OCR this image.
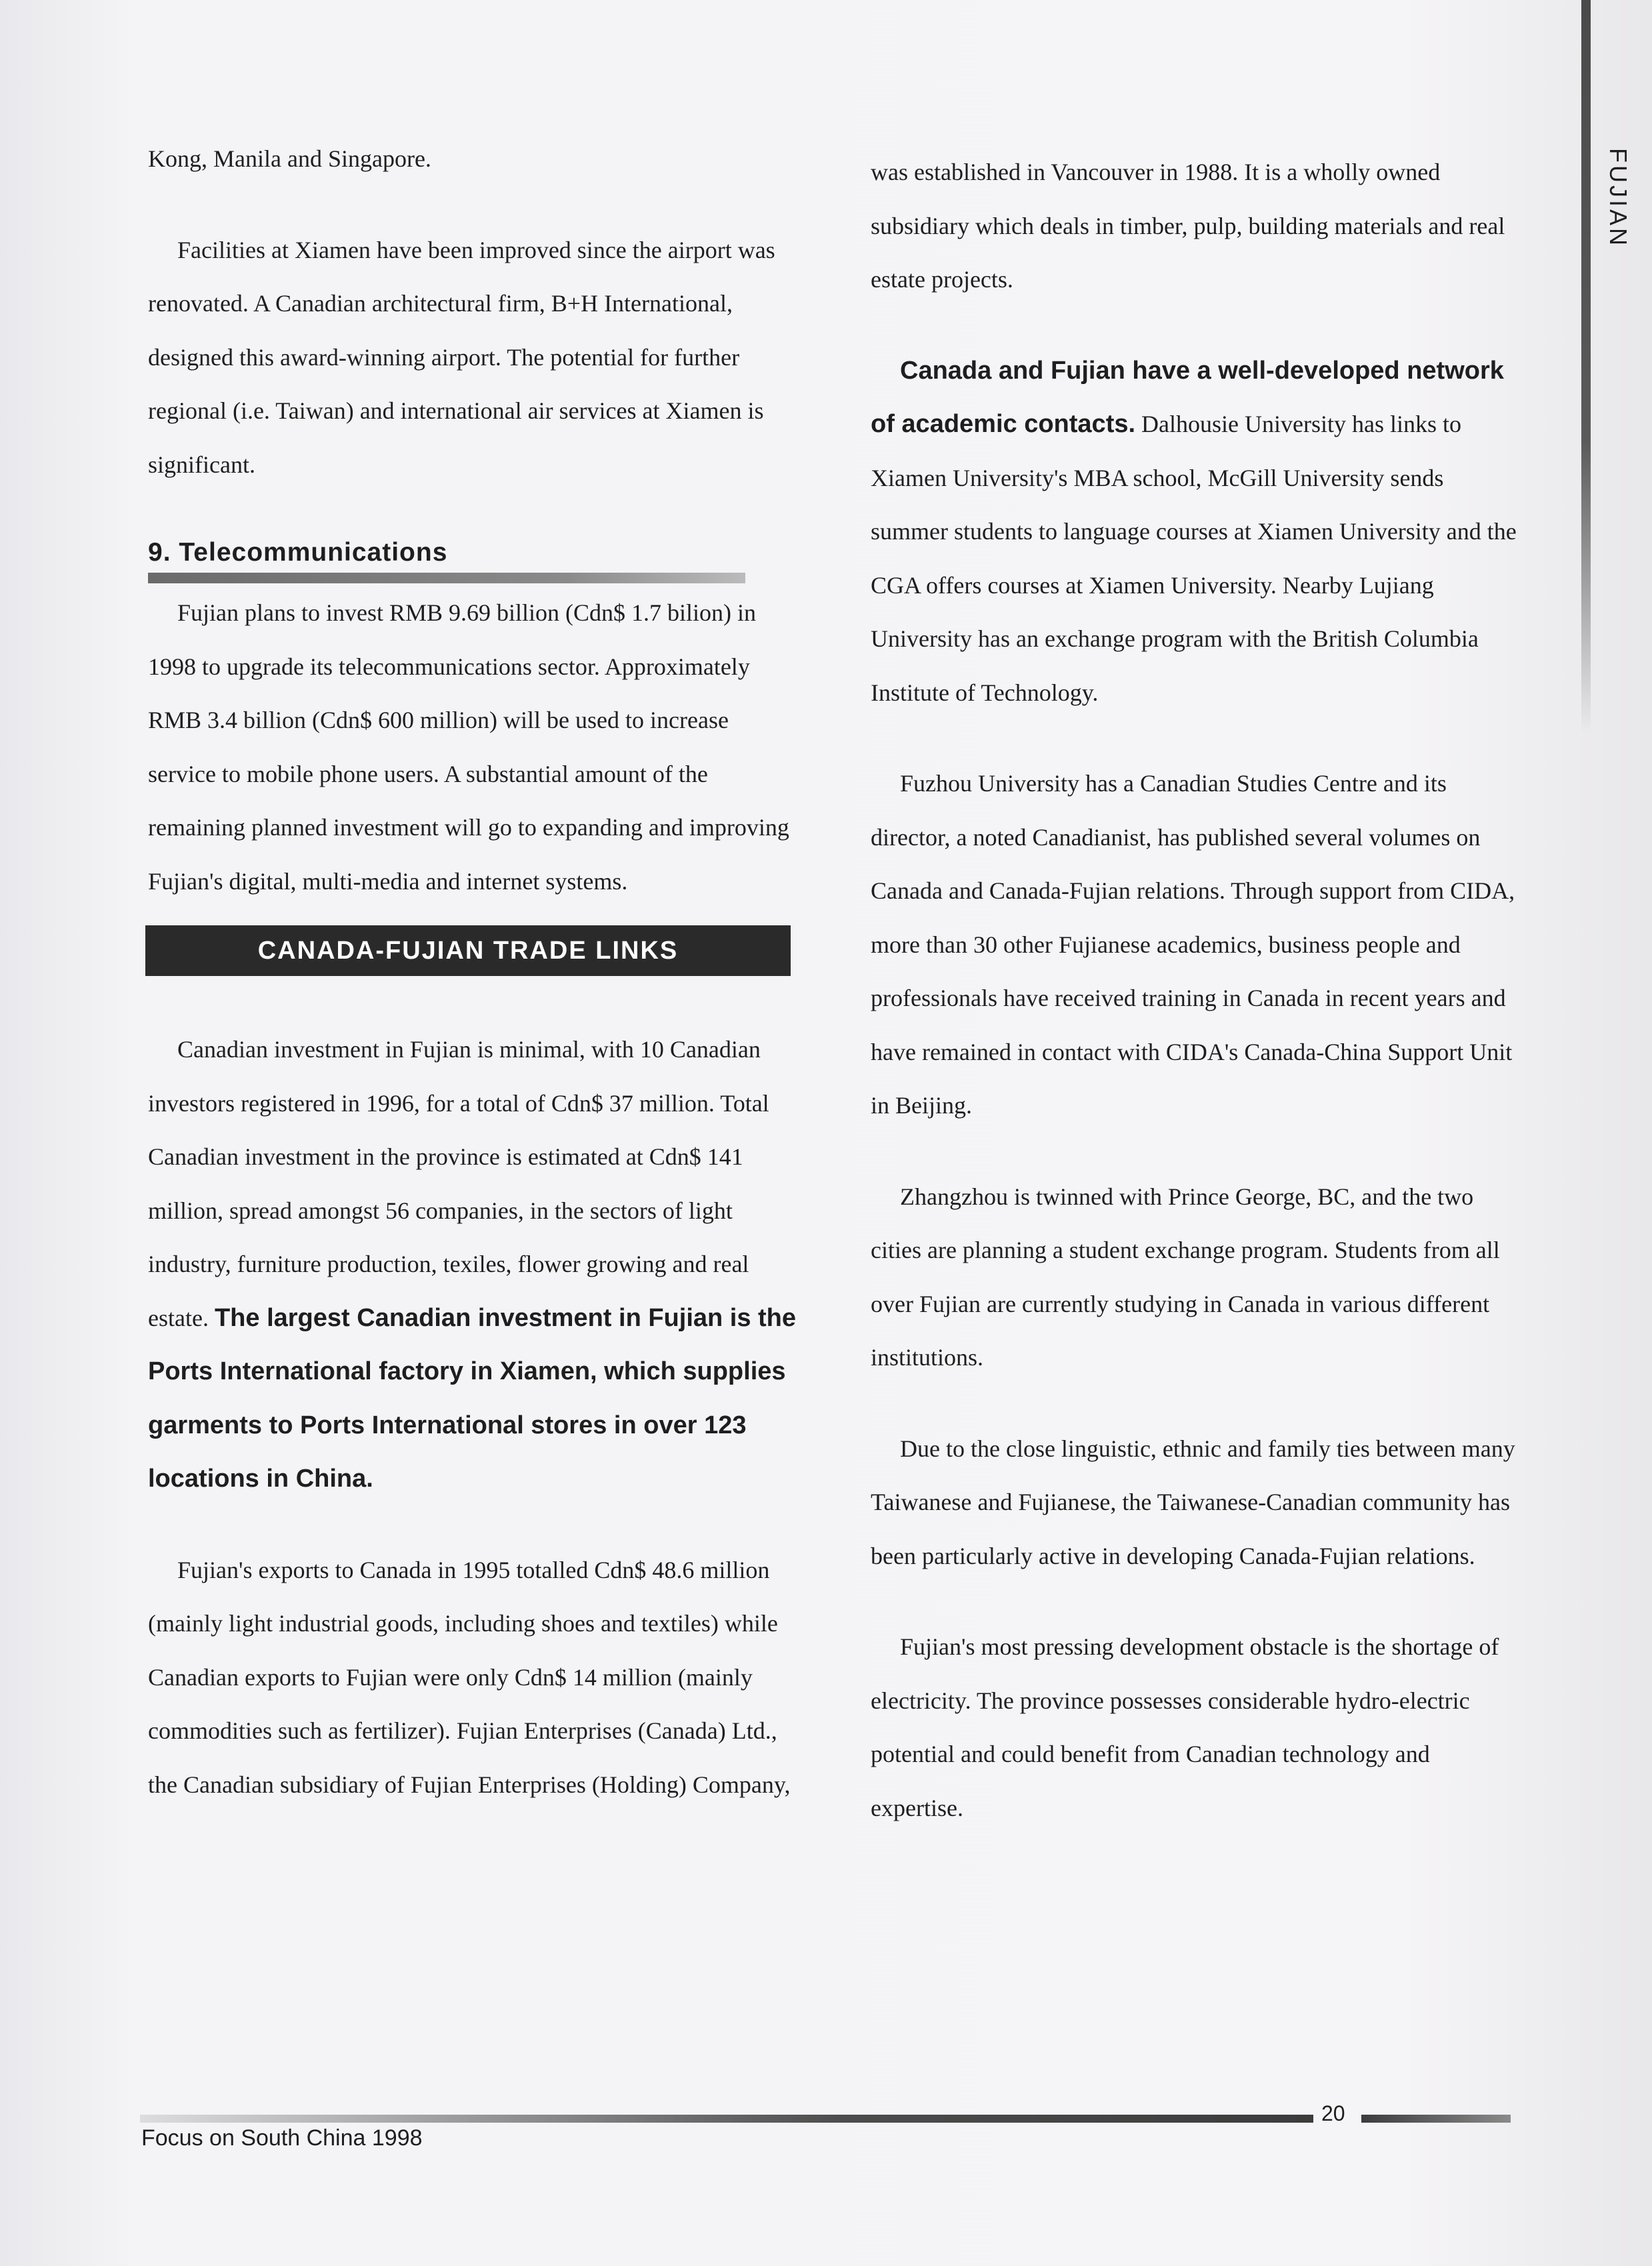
FUJIAN

Kong, Manila and Singapore.

Facilities at Xiamen have been improved since the airport was renovated. A Canadian architectural firm, B+H International, designed this award-winning airport. The potential for further regional (i.e. Taiwan) and international air services at Xiamen is significant.

9. Telecommunications

Fujian plans to invest RMB 9.69 billion (Cdn$ 1.7 bilion) in 1998 to upgrade its telecommunications sector. Approximately RMB 3.4 billion (Cdn$ 600 million) will be used to increase service to mobile phone users. A substantial amount of the remaining planned investment will go to expanding and improving Fujian's digital, multi-media and internet systems.

CANADA-FUJIAN TRADE LINKS

Canadian investment in Fujian is minimal, with 10 Canadian investors registered in 1996, for a total of Cdn$ 37 million. Total Canadian investment in the province is estimated at Cdn$ 141 million, spread amongst 56 companies, in the sectors of light industry, furniture production, texiles, flower growing and real estate. The largest Canadian investment in Fujian is the Ports International factory in Xiamen, which supplies garments to Ports International stores in over 123 locations in China.

Fujian's exports to Canada in 1995 totalled Cdn$ 48.6 million (mainly light industrial goods, including shoes and textiles) while Canadian exports to Fujian were only Cdn$ 14 million (mainly commodities such as fertilizer). Fujian Enterprises (Canada) Ltd., the Canadian subsidiary of Fujian Enterprises (Holding) Company,

was established in Vancouver in 1988. It is a wholly owned subsidiary which deals in timber, pulp, building materials and real estate projects.

Canada and Fujian have a well-developed network of academic contacts. Dalhousie University has links to Xiamen University's MBA school, McGill University sends summer students to language courses at Xiamen University and the CGA offers courses at Xiamen University. Nearby Lujiang University has an exchange program with the British Columbia Institute of Technology.

Fuzhou University has a Canadian Studies Centre and its director, a noted Canadianist, has published several volumes on Canada and Canada-Fujian relations. Through support from CIDA, more than 30 other Fujianese academics, business people and professionals have received training in Canada in recent years and have remained in contact with CIDA's Canada-China Support Unit in Beijing.

Zhangzhou is twinned with Prince George, BC, and the two cities are planning a student exchange program. Students from all over Fujian are currently studying in Canada in various different institutions.

Due to the close linguistic, ethnic and family ties between many Taiwanese and Fujianese, the Taiwanese-Canadian community has been particularly active in developing Canada-Fujian relations.

Fujian's most pressing development obstacle is the shortage of electricity. The province possesses considerable hydro-electric potential and could benefit from Canadian technology and expertise.

20
Focus on South China 1998
